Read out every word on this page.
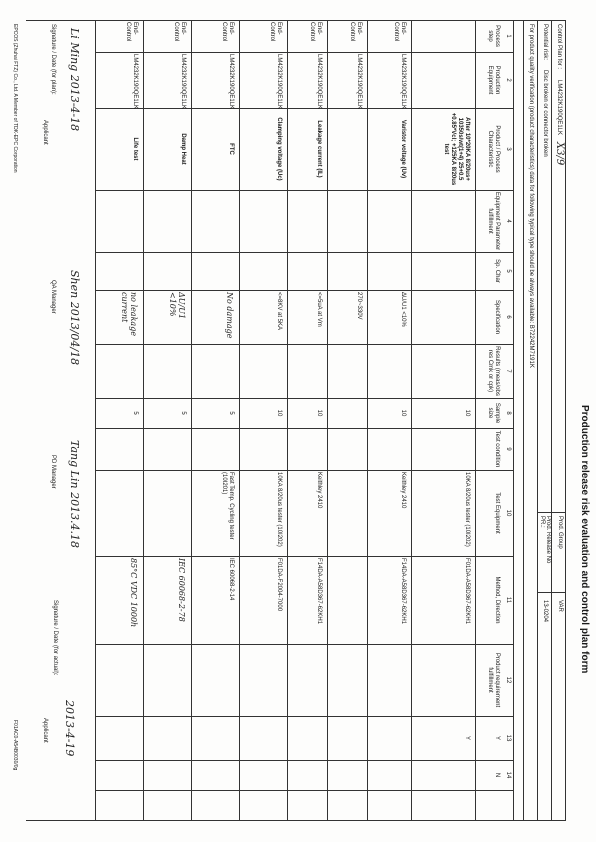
Production release risk evaluation and control plan form
Control Plan for :
LM4232K190QE1LK
X3/9
Prod. Group
VAR
Potential risk:
Disc broken or connector broken
Prod. Release No
PR.:
13-0204
For product quality verification (product characteristics) data for following typical type should be always available: B72242M7191K
1
Process step
2
Production Equipment
3
Product / Process Characteristic
4
Equipment Parameter fulfillment
5
Sp. Char
6
Specification
7
Results (meas/obs res Cmk or cpk)
8
Sample size
9
Test condition
10
Test Equipment
11
Method, Direction
12
Product requirement fulfillment
13
Y
14
N
After 10*20KA 8/20us+ 10350s/wt(1+4) 25+0.5 +0.85*Vcl; +125KA 8/20us test
10
10KA 8/20us tester (10I202)
F01DA-A58D367-62KH1
Y
End-Control
LM4232K190QE1LK
Varistor voltage (Uv)
ΔU/U1 <10%
10
Keithley 2410
F14DA-A58D367-62KH1
End-Control
LM4232K190QE1LK
270~330V
End-Control
LM4232K190QE1LK
Leakage current (IL)
<=5uA at Vm
10
Keithley 2410
F14DA-A58D367-62KH1
End-Control
LM4232K190QE1LK
Clamping voltage (Uc)
<=8KV at 5KA
10
10KA 8/20us tester (10I202)
F01DA-F2004-7000
End-Control
LM4232K190QE1LK
FTC
No damage
5
Fast Temp. Cycling tester (10I201)
IEC 60068-2-14
End-Control
LM4232K190QE1LK
Damp Heat
ΔU/U1 <10%
5
IEC 60068-2-78
End-Control
LM4232K190QE1LK
Life test
no leakage current
5
85°C VDC 1000h
Signature / Date (for plan): Li Ming 2013-4-18
Applicant
Shen 2013/04/18
QA Manager
Tang Lin 2013.4.18
PD Manager
Signature / Date (for actual):
2013-4-19
Applicant
EPCOS (Zhuhai FTZ) Co., Ltd. A Member of TDK-EPC Corporation
F01AC0-A54B0030/0g
